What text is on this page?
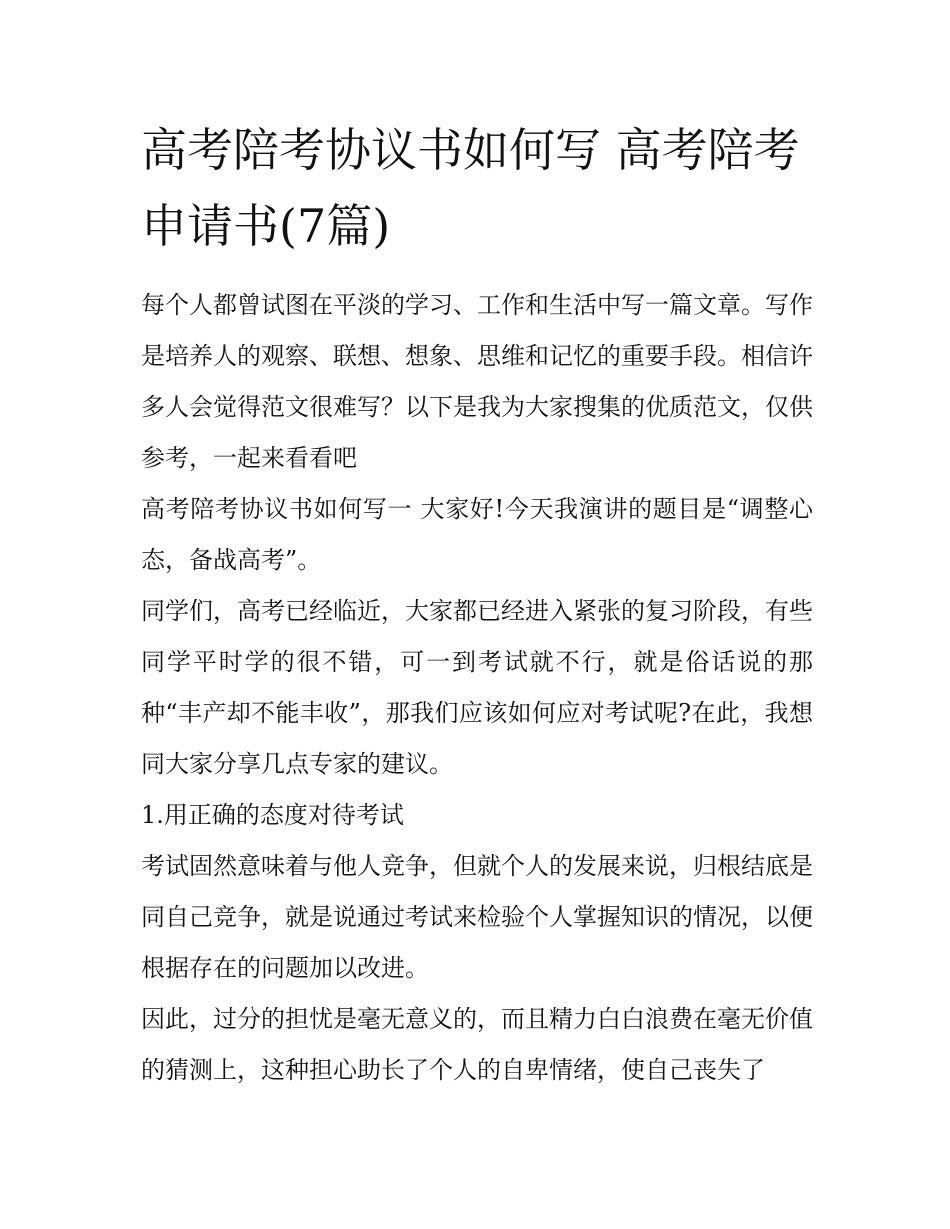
高考陪考协议书如何写 高考陪考申请书(7篇)

每个人都曾试图在平淡的学习、工作和生活中写一篇文章。写作是培养人的观察、联想、想象、思维和记忆的重要手段。相信许多人会觉得范文很难写？以下是我为大家搜集的优质范文，仅供参考，一起来看看吧

高考陪考协议书如何写一 大家好!今天我演讲的题目是“调整心态，备战高考”。

同学们，高考已经临近，大家都已经进入紧张的复习阶段，有些同学平时学的很不错，可一到考试就不行，就是俗话说的那种“丰产却不能丰收”，那我们应该如何应对考试呢?在此，我想同大家分享几点专家的建议。

1.用正确的态度对待考试

考试固然意味着与他人竞争，但就个人的发展来说，归根结底是同自己竞争，就是说通过考试来检验个人掌握知识的情况，以便根据存在的问题加以改进。

因此，过分的担忧是毫无意义的，而且精力白白浪费在毫无价值的猜测上，这种担心助长了个人的自卑情绪，使自己丧失了
